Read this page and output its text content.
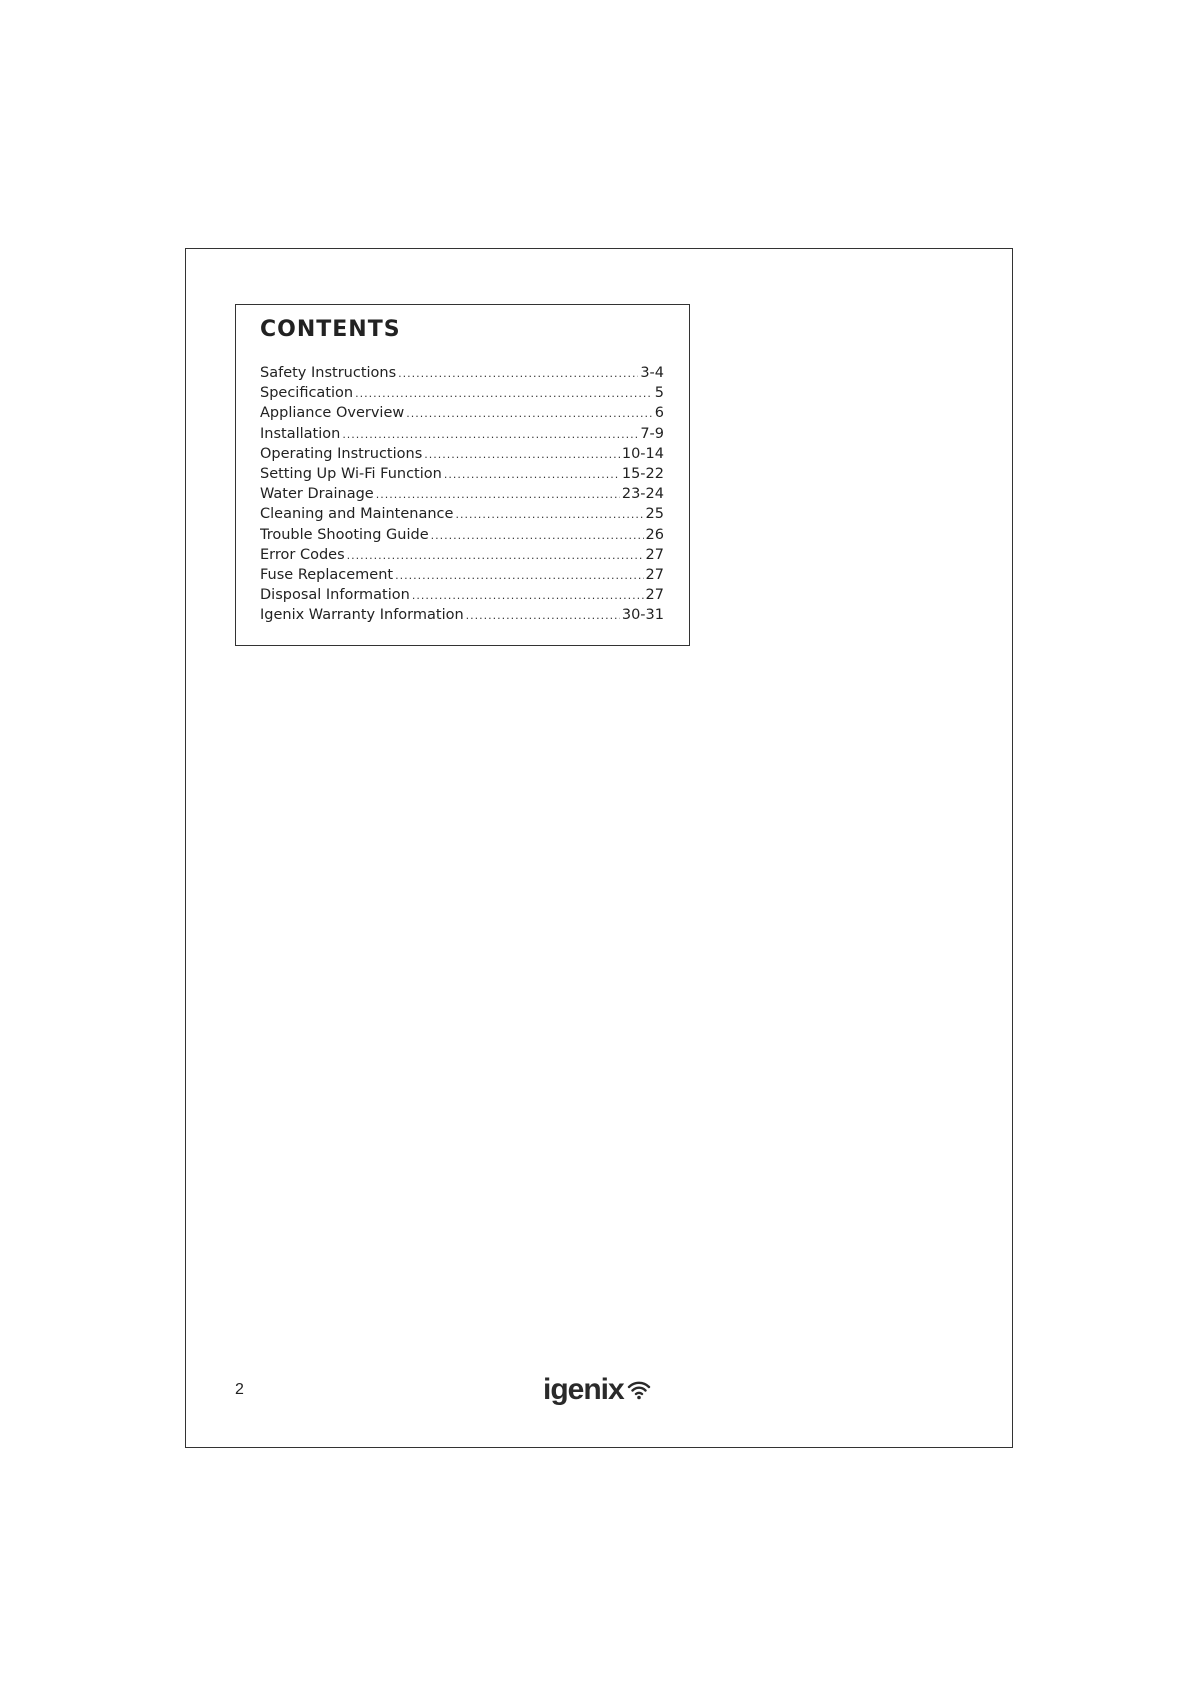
CONTENTS
Safety Instructions .....	3-4
Specification .....	5
Appliance Overview .....	6
Installation .....	7-9
Operating Instructions .....	10-14
Setting Up Wi-Fi Function .....	15-22
Water Drainage .....	23-24
Cleaning and Maintenance .....	25
Trouble Shooting Guide .....	26
Error Codes .....	27
Fuse Replacement .....	27
Disposal Information .....	27
Igenix Warranty Information .....	30-31
2	igenix
